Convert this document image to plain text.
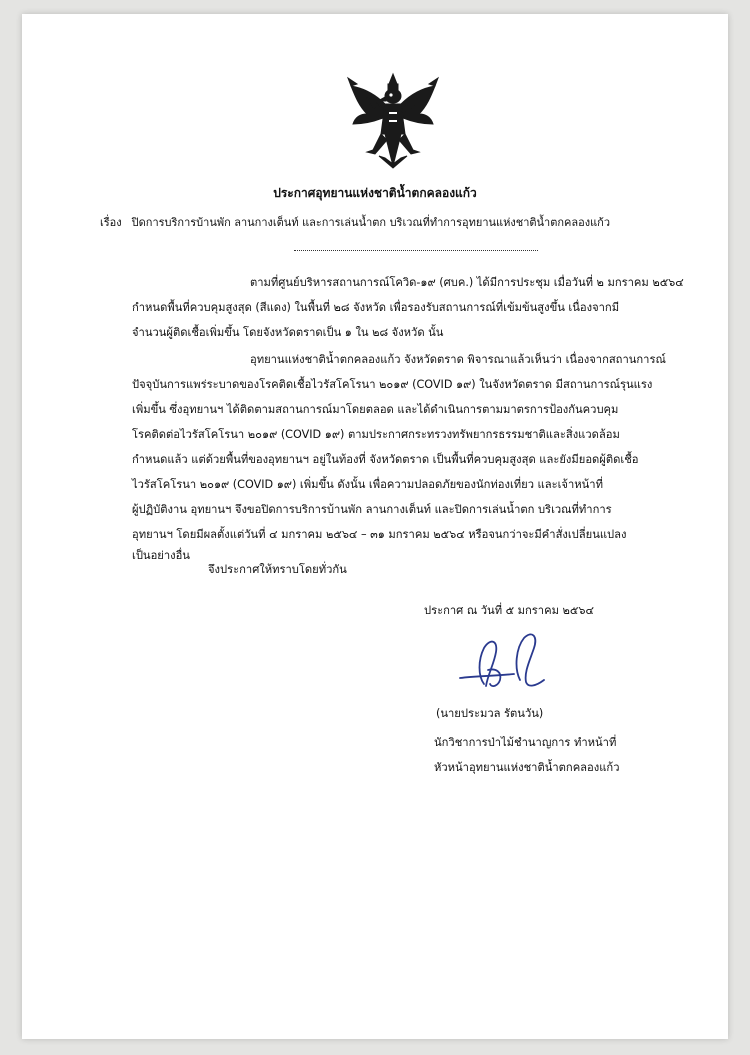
ประกาศอุทยานแห่งชาติน้ำตกคลองแก้ว
เรื่อง ปิดการบริการบ้านพัก ลานกางเต็นท์ และการเล่นน้ำตก บริเวณที่ทำการอุทยานแห่งชาติน้ำตกคลองแก้ว
ตามที่ศูนย์บริหารสถานการณ์โควิด-๑๙ (ศบค.) ได้มีการประชุม เมื่อวันที่ ๒ มกราคม ๒๕๖๔
กำหนดพื้นที่ควบคุมสูงสุด (สีแดง) ในพื้นที่ ๒๘ จังหวัด เพื่อรองรับสถานการณ์ที่เข้มข้นสูงขึ้น เนื่องจากมี
จำนวนผู้ติดเชื้อเพิ่มขึ้น โดยจังหวัดตราดเป็น ๑ ใน ๒๘ จังหวัด นั้น
อุทยานแห่งชาติน้ำตกคลองแก้ว จังหวัดตราด พิจารณาแล้วเห็นว่า เนื่องจากสถานการณ์
ปัจจุบันการแพร่ระบาดของโรคติดเชื้อไวรัสโคโรนา ๒๐๑๙ (COVID ๑๙) ในจังหวัดตราด มีสถานการณ์รุนแรง
เพิ่มขึ้น ซึ่งอุทยานฯ ได้ติดตามสถานการณ์มาโดยตลอด และได้ดำเนินการตามมาตรการป้องกันควบคุม
โรคติดต่อไวรัสโคโรนา ๒๐๑๙ (COVID ๑๙) ตามประกาศกระทรวงทรัพยากรธรรมชาติและสิ่งแวดล้อม
กำหนดแล้ว แต่ด้วยพื้นที่ของอุทยานฯ อยู่ในท้องที่ จังหวัดตราด เป็นพื้นที่ควบคุมสูงสุด และยังมียอดผู้ติดเชื้อ
ไวรัสโคโรนา ๒๐๑๙ (COVID ๑๙) เพิ่มขึ้น ดังนั้น เพื่อความปลอดภัยของนักท่องเที่ยว และเจ้าหน้าที่
ผู้ปฏิบัติงาน อุทยานฯ จึงขอปิดการบริการบ้านพัก ลานกางเต็นท์ และปิดการเล่นน้ำตก บริเวณที่ทำการ
อุทยานฯ โดยมีผลตั้งแต่วันที่ ๔ มกราคม ๒๕๖๔ – ๓๑ มกราคม ๒๕๖๔ หรือจนกว่าจะมีคำสั่งเปลี่ยนแปลง
เป็นอย่างอื่น
จึงประกาศให้ทราบโดยทั่วกัน
ประกาศ ณ วันที่ ๕ มกราคม ๒๕๖๔
(นายประมวล รัตนวัน)
นักวิชาการป่าไม้ชำนาญการ ทำหน้าที่
หัวหน้าอุทยานแห่งชาติน้ำตกคลองแก้ว
